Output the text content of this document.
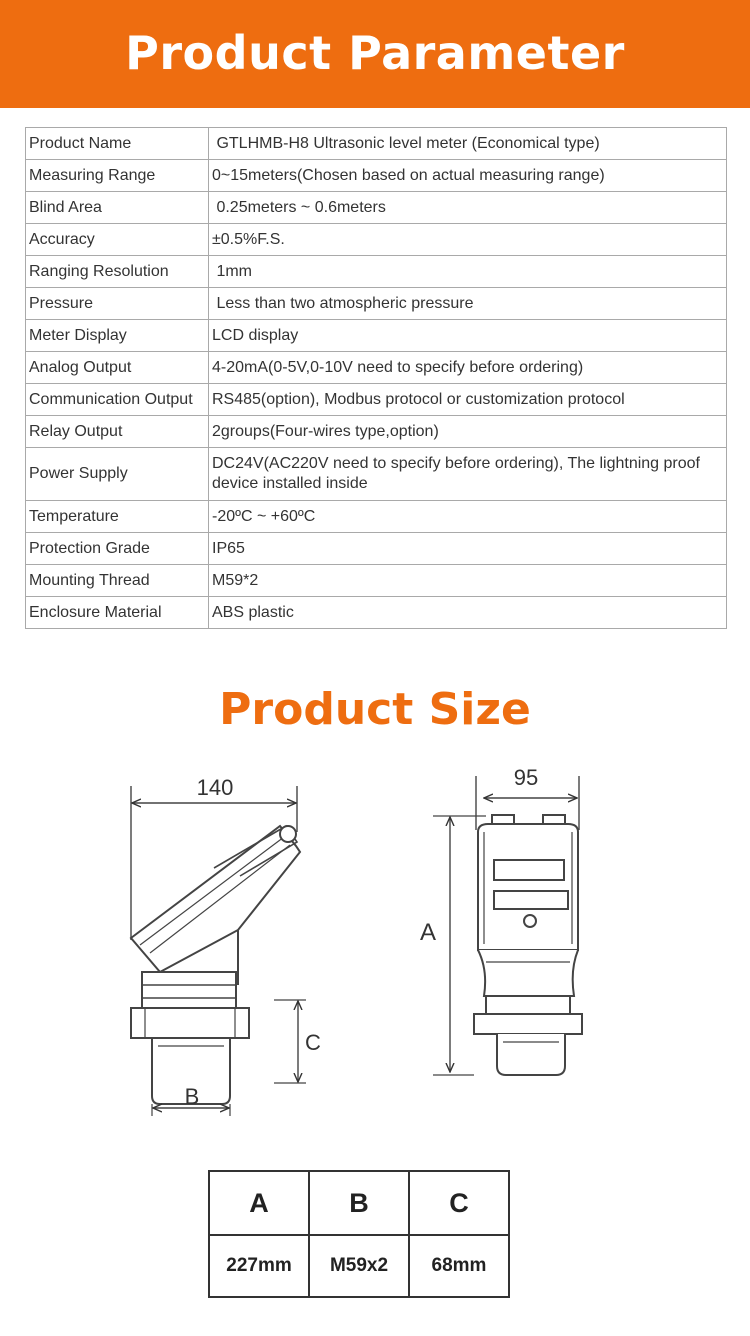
Product Parameter
Product Name	GTLHMB-H8 Ultrasonic level meter (Economical type)
Measuring Range	0~15meters(Chosen based on actual measuring range)
Blind Area	0.25meters ~ 0.6meters
Accuracy	±0.5%F.S.
Ranging Resolution	1mm
Pressure	Less than two atmospheric pressure
Meter Display	LCD display
Analog Output	4-20mA(0-5V,0-10V need to specify before ordering)
Communication Output	RS485(option), Modbus protocol or customization protocol
Relay Output	2groups(Four-wires type,option)
Power Supply	DC24V(AC220V need to specify before ordering), The lightning proof device installed inside
Temperature	-20ºC ~ +60ºC
Protection Grade	IP65
Mounting Thread	M59*2
Enclosure Material	ABS plastic
Product Size
140
C
B
95
A
A	B	C
227mm	M59x2	68mm
